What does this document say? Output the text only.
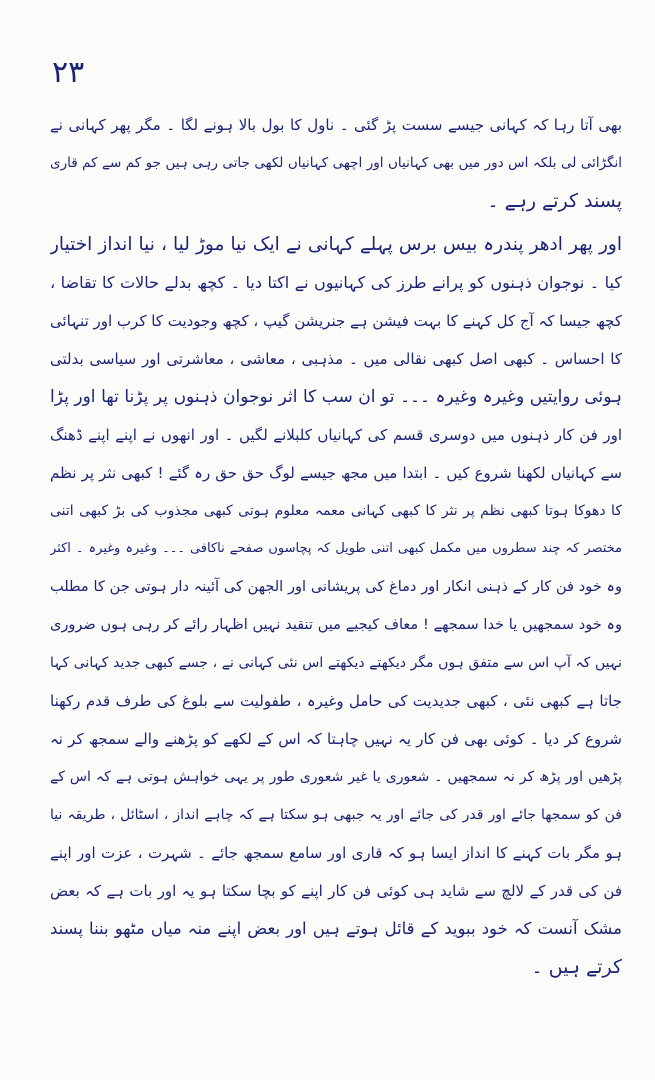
۲۳
بھی آتا رہا کہ کہانی جیسے سست پڑ گئی ۔ ناول کا بول بالا ہونے لگا ۔ مگر پھر کہانی نے
انگڑائی لی بلکہ اس دور میں بھی کہانیاں اور اچھی کہانیاں لکھی جاتی رہی ہیں جو کم سے کم قاری
پسند کرتے رہے ۔
اور پھر ادھر پندرہ بیس برس پہلے کہانی نے ایک نیا موڑ لیا ، نیا انداز اختیار
کیا ۔ نوجوان ذہنوں کو پرانے طرز کی کہانیوں نے اکتا دیا ۔ کچھ بدلے حالات کا تقاضا ،
کچھ جیسا کہ آج کل کہنے کا بہت فیشن ہے جنریشن گیپ ، کچھ وجودیت کا کرب اور تنہائی
کا احساس ۔ کبھی اصل کبھی نقالی میں ۔ مذہبی ، معاشی ، معاشرتی اور سیاسی بدلتی
ہوئی روایتیں وغیرہ وغیرہ ۔۔۔ تو ان سب کا اثر نوجوان ذہنوں پر پڑنا تھا اور پڑا
اور فن کار ذہنوں میں دوسری قسم کی کہانیاں کلبلانے لگیں ۔ اور انھوں نے اپنے اپنے ڈھنگ
سے کہانیاں لکھنا شروع کیں ۔ ابتدا میں مجھ جیسے لوگ حق حق رہ گئے ! کبھی نثر پر نظم
کا دھوکا ہوتا کبھی نظم پر نثر کا کبھی کہانی معمہ معلوم ہوتی کبھی مجذوب کی بڑ کبھی اتنی
مختصر کہ چند سطروں میں مکمل کبھی اتنی طویل کہ پچاسوں صفحے ناکافی ۔۔۔ وغیرہ وغیرہ ۔ اکثر
وہ خود فن کار کے ذہنی انکار اور دماغ کی پریشانی اور الجھن کی آئینہ دار ہوتی جن کا مطلب
وہ خود سمجھیں یا خدا سمجھے ! معاف کیجیے میں تنقید نہیں اظہار رائے کر رہی ہوں ضروری
نہیں کہ آپ اس سے متفق ہوں مگر دیکھتے دیکھتے اس نئی کہانی نے ، جسے کبھی جدید کہانی کہا
جاتا ہے کبھی نئی ، کبھی جدیدیت کی حامل وغیرہ ، طفولیت سے بلوغ کی طرف قدم رکھنا
شروع کر دیا ۔ کوئی بھی فن کار یہ نہیں چاہتا کہ اس کے لکھے کو پڑھنے والے سمجھ کر نہ
پڑھیں اور پڑھ کر نہ سمجھیں ۔ شعوری یا غیر شعوری طور پر یہی خواہش ہوتی ہے کہ اس کے
فن کو سمجھا جائے اور قدر کی جائے اور یہ جبھی ہو سکتا ہے کہ چاہے انداز ، اسٹائل ، طریقہ نیا
ہو مگر بات کہنے کا انداز ایسا ہو کہ قاری اور سامع سمجھ جائے ۔ شہرت ، عزت اور اپنے
فن کی قدر کے لالچ سے شاید ہی کوئی فن کار اپنے کو بچا سکتا ہو یہ اور بات ہے کہ بعض
مشک آنست کہ خود ببوید کے قائل ہوتے ہیں اور بعض اپنے منہ میاں مٹھو بننا پسند
کرتے ہیں ۔
